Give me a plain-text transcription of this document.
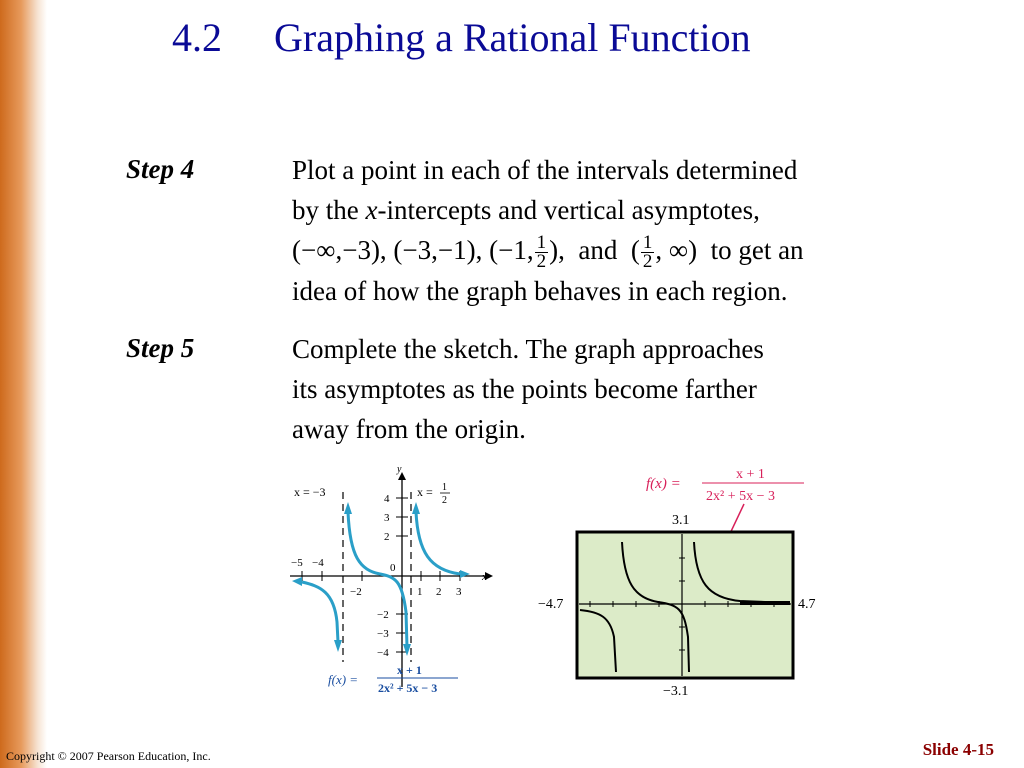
4.2 Graphing a Rational Function
Step 4	Plot a point in each of the intervals determined
by the x-intercepts and vertical asymptotes,
(−∞,−3), (−3,−1), (−1, $\frac{1}{2}$ ), and ( $\frac{1}{2}$ , ∞) to get an
idea of how the graph behaves in each region.
Step 5	Complete the sketch. The graph approaches
its asymptotes as the points become farther
away from the origin.
y
x
4
3
2
−2
−3
−4
0
−5 −4
−2	1 2 3
x = −3	x = 1
2
f(x) =
x + 1
2x² + 5x − 3
f(x) =
x + 1
2x² + 5x − 3
3.1
−4.7	4.7
−3.1
Copyright © 2007 Pearson Education, Inc.	Slide 4-15
